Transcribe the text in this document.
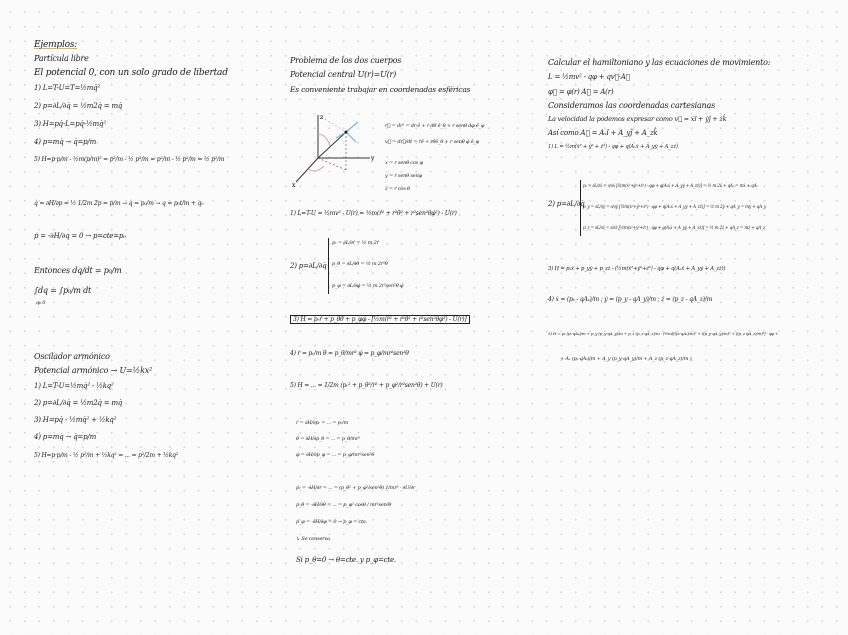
Ejemplos:
Partícula libre
El potencial 0, con un solo grado de libertad
1) L=T-U=T=½mq̇²
2) p=∂L/∂q̇ = ½m2q̇ = mq̇
3) H=pq̇-L=pq̇-½mq̇²
4) p=mq̇ → q̇=p/m
5) H=p·p/m - ½m(p/m)² = p²/m - ½ p²/m = p²/m - ½ p²/m = ½ p²/m
q̇ = ∂H/∂p = ½ 1/2m 2p = p/m → q̇ = p₀/m → q = p₀t/m + q₀
ṗ = -∂H/∂q = 0 → p=cte=p₀
Entonces dq/dt = p₀/m
∫dq = ∫p₀/m dt
q₀ 0
Oscilador armónico
Potencial armónico → U=½kx²
1) L=T-U=½mq̇² - ½kq²
2) p=∂L/∂q̇ = ½m2q̇ = mq̇
3) H=pq̇ - ½mq̇² + ½kq²
4) p=mq̇ → q̇=p/m
5) H=p·p/m - ½ p²/m + ½kq² = ... = p²/2m + ½kq²
Problema de los dos cuerpos
Potencial central U(r)=U(r)
Es conveniente trabajar en coordenadas esféricas
z
y
x
r⃗ = dr² = dr·ê + r dθ ê_θ + r senθ dφ ê_φ
v⃗ = dr⃗/dt = ṙê + rθ̇ê_θ + r senθ φ̇ ê_φ
x = r senθ cos φ
y = r senθ senφ
z = r cos θ
1) L=T-U = ½mv² - U(r) = ½m(ṙ² + r²θ̇² + r²sen²θφ̇²) - U(r)
2) p=∂L/∂q̇
pᵣ = ∂L/∂ṙ = ½ m 2ṙ
p_θ = ∂L/∂θ̇ = ½ m 2r²θ̇
p_φ = ∂L/∂φ̇ = ½ m 2r²sen²θ φ̇
3) H = pᵣṙ + p_θθ̇ + p_φφ̇ - [½m(ṙ² + r²θ̇² + r²sen²θφ̇²) - U(r)]
4) ṙ = pᵣ/m θ̇ = p_θ/mr² φ̇ = p_φ/mr²sen²θ
5) H = ... = 1/2m (pᵣ² + p_θ²/r² + p_φ²/r²sen²θ) + U(r)
ṙ = ∂H/∂pᵣ = ... = pᵣ/m
θ̇ = ∂H/∂p_θ = ... = p_θ/mr²
φ̇ = ∂H/∂p_φ = ... = p_φ/mr²sen²θ
ṗᵣ = -∂H/∂r = ... = (p_θ² + p_φ²/sen²θ) 1/mr³ - ∂U/∂r
ṗ_θ = -∂H/∂θ = ... = p_φ² cosθ / mr²sen³θ
ṗ_φ = -∂H/∂φ = 0 → p_φ = cte.
↳ Se conserva
Si p_θ=0 → θ=cte. y p_φ=cte.
Calcular el hamiltoniano y las ecuaciones de movimiento:
L = ½mv² - qφ + qv⃗·A⃗
φ⃗ = φ(r) A⃗ = A(r)
Consideramos las coordenadas cartesianas
La velocidad la podemos expresar como v⃗ = ẋî + ẏĵ + żk̂
Así como A⃗ = Aₓî + A_yĵ + A_zk̂
1) L = ½m(ẋ² + ẏ² + ż²) - qφ + q(Aₓẋ + A_yẏ + A_zż)
2) p=∂L/∂q̇
pₓ = ∂L/∂ẋ = ∂/∂ẋ [½m(ẋ²+ẏ²+ż²) - qφ + q(Aₓẋ + A_yẏ + A_zż)] = ½ m 2ẋ + qAₓ = mẋ + qAₓ
p_y = ∂L/∂ẏ = ∂/∂ẏ [½m(ẋ²+ẏ²+ż²) - qφ + q(Aₓẋ + A_yẏ + A_zż)] = ½ m 2ẏ + qA_y = mẏ + qA_y
p_z = ∂L/∂ż = ∂/∂ż [½m(ẋ²+ẏ²+ż²) - qφ + q(Aₓẋ + A_yẏ + A_zż)] = ½ m 2ż + qA_z = mż + qA_z
3) H = pₓẋ + p_yẏ + p_zż - (½m(ẋ²+ẏ²+ż²) - qφ + q(Aₓẋ + A_yẏ + A_zż))
4) ẋ = (pₓ - qAₓ)/m ; ẏ = (p_y - qA_y)/m ; ż = (p_z - qA_z)/m
5) H = pₓ (pₓ-qAₓ)/m + p_y (p_y-qA_y)/m + p_z (p_z-qA_z)/m - (½m[((pₓ-qAₓ)/m)² + ((p_y-qA_y)/m)² + ((p_z-qA_z)/m)²] - qφ +
+ Aₓ (pₓ-qAₓ)/m + A_y (p_y-qA_y)/m + A_z (p_z-qA_z)/m )
